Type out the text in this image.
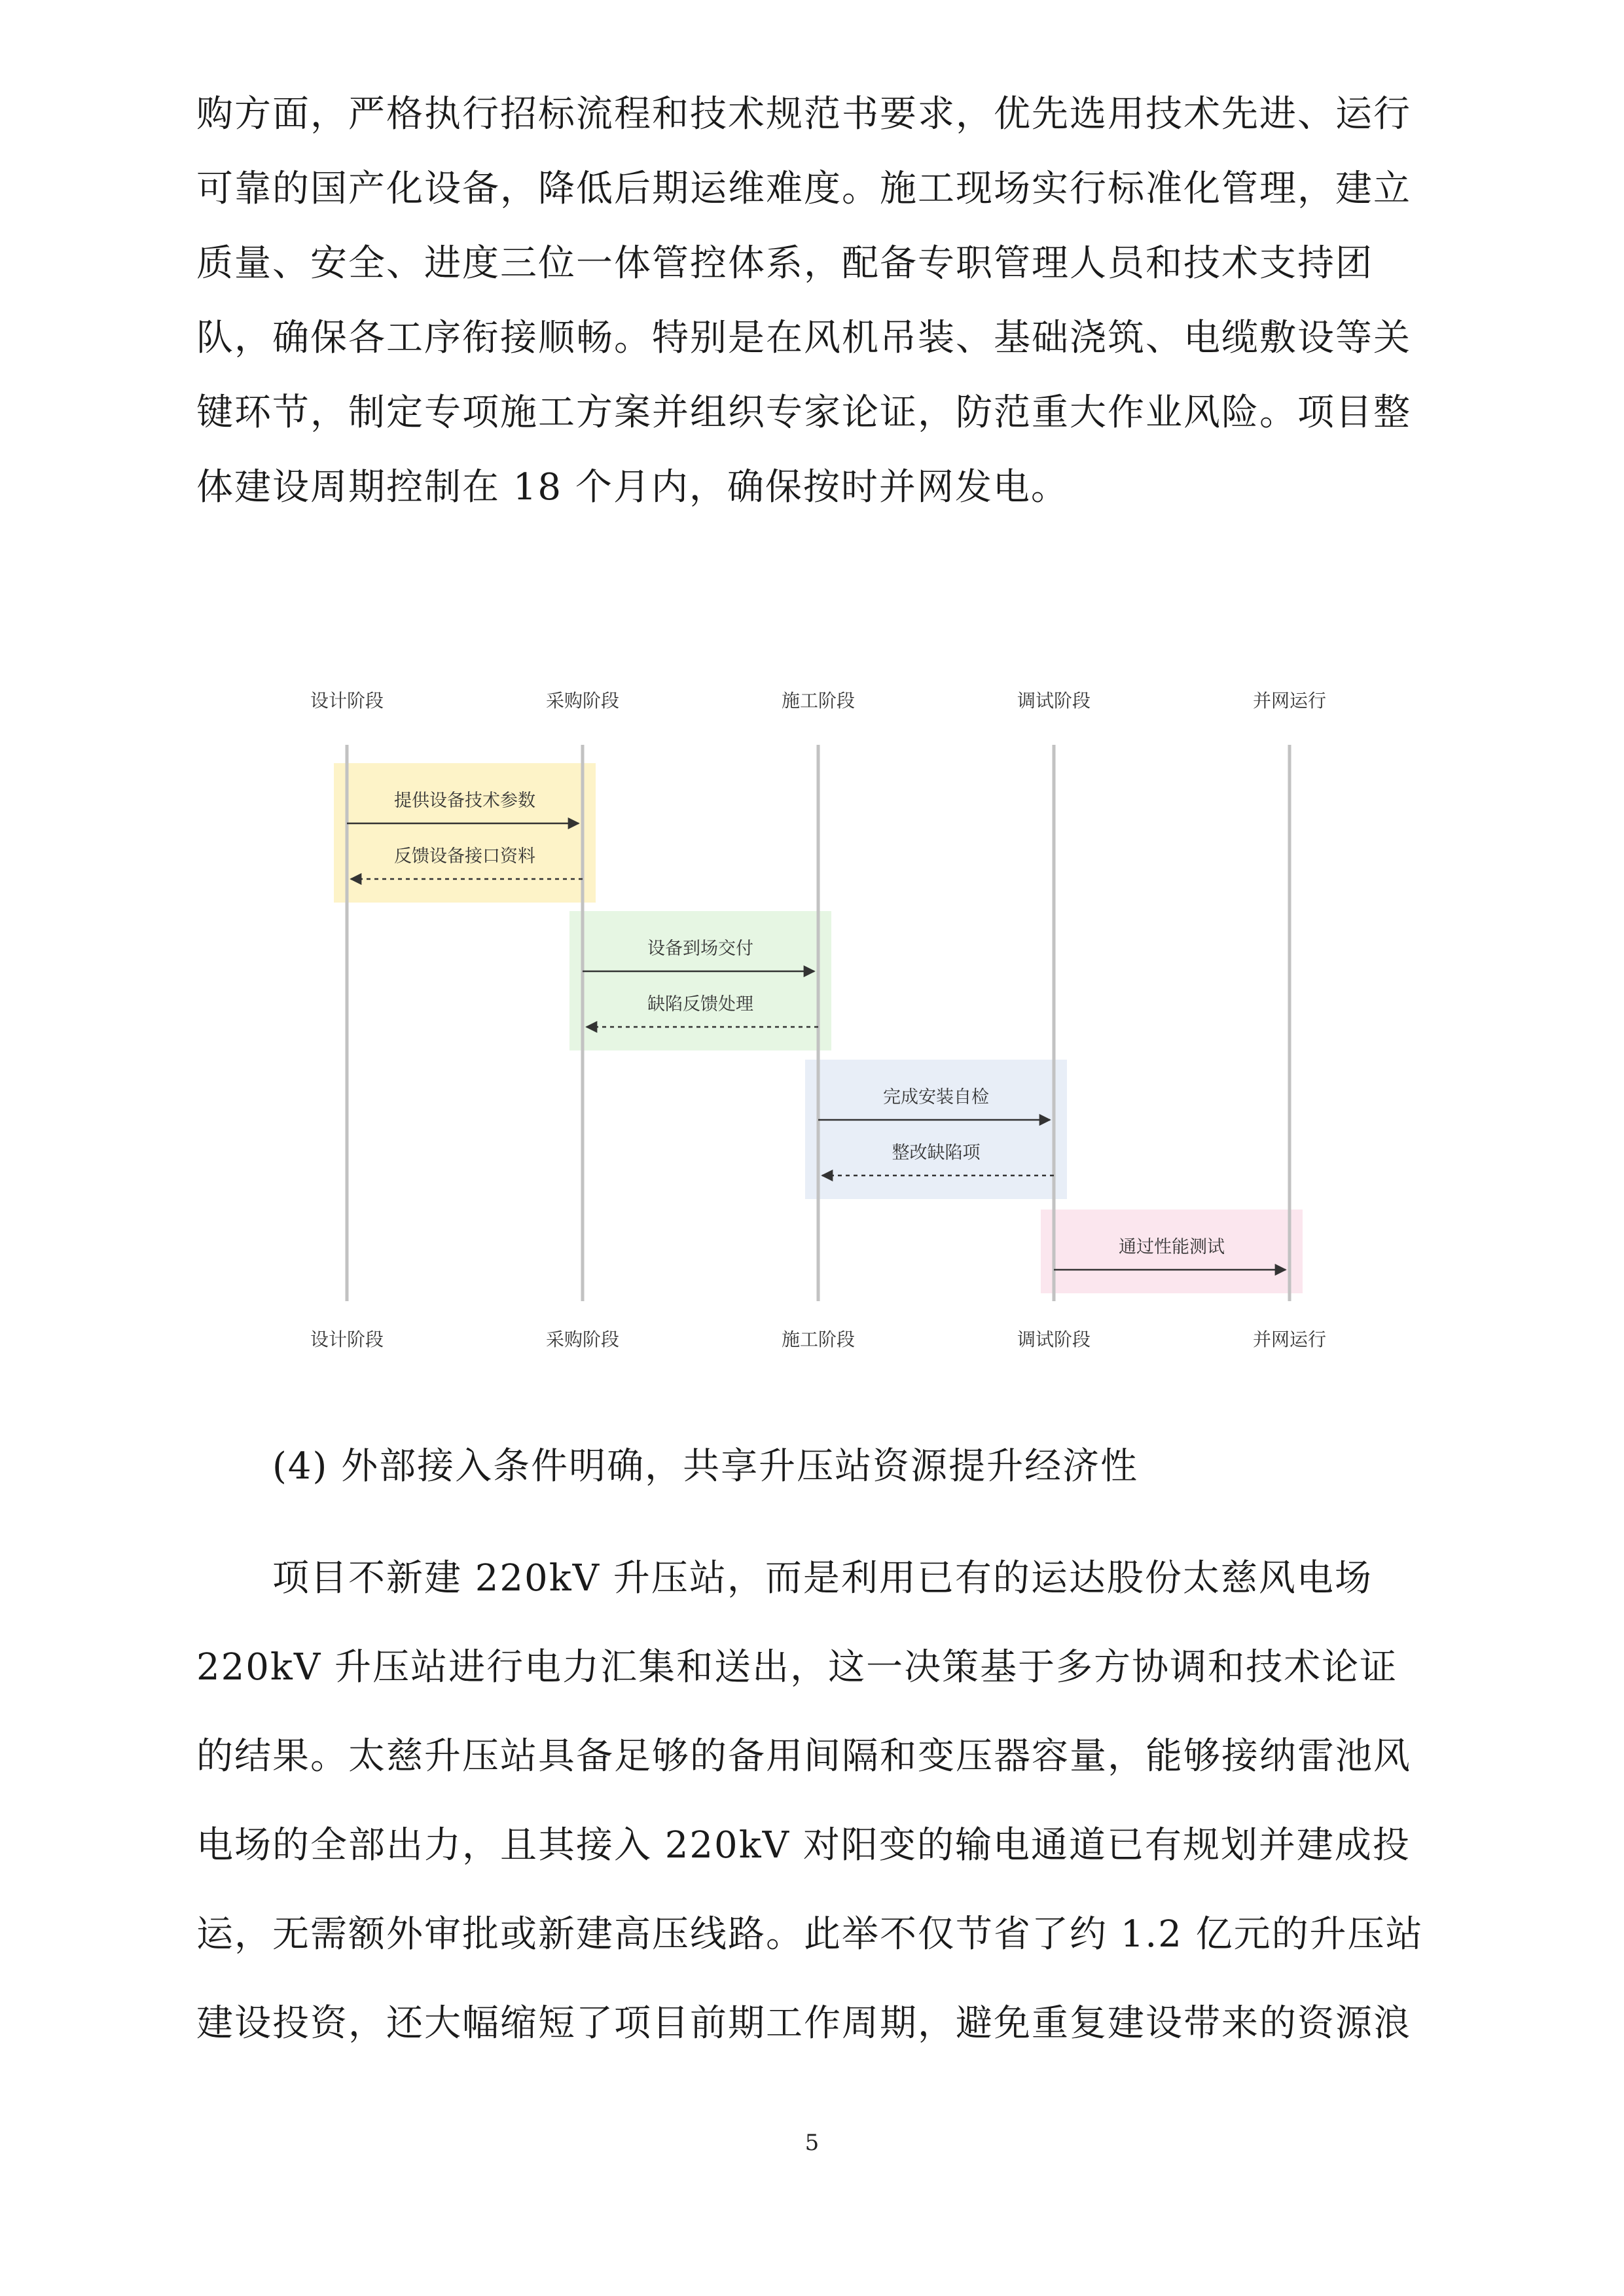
购方面，严格执行招标流程和技术规范书要求，优先选用技术先进、运行
可靠的国产化设备，降低后期运维难度。施工现场实行标准化管理，建立
质量、安全、进度三位一体管控体系，配备专职管理人员和技术支持团
队，确保各工序衔接顺畅。特别是在风机吊装、基础浇筑、电缆敷设等关
键环节，制定专项施工方案并组织专家论证，防范重大作业风险。项目整
体建设周期控制在 18 个月内，确保按时并网发电。

设计阶段
设计阶段
采购阶段
采购阶段
施工阶段
施工阶段
调试阶段
调试阶段
并网运行
并网运行
提供设备技术参数
反馈设备接口资料
设备到场交付
缺陷反馈处理
完成安装自检
整改缺陷项
通过性能测试

(4) 外部接入条件明确，共享升压站资源提升经济性

项目不新建 220kV 升压站，而是利用已有的运达股份太慈风电场
220kV 升压站进行电力汇集和送出，这一决策基于多方协调和技术论证
的结果。太慈升压站具备足够的备用间隔和变压器容量，能够接纳雷池风
电场的全部出力，且其接入 220kV 对阳变的输电通道已有规划并建成投
运，无需额外审批或新建高压线路。此举不仅节省了约 1.2 亿元的升压站
建设投资，还大幅缩短了项目前期工作周期，避免重复建设带来的资源浪

5
